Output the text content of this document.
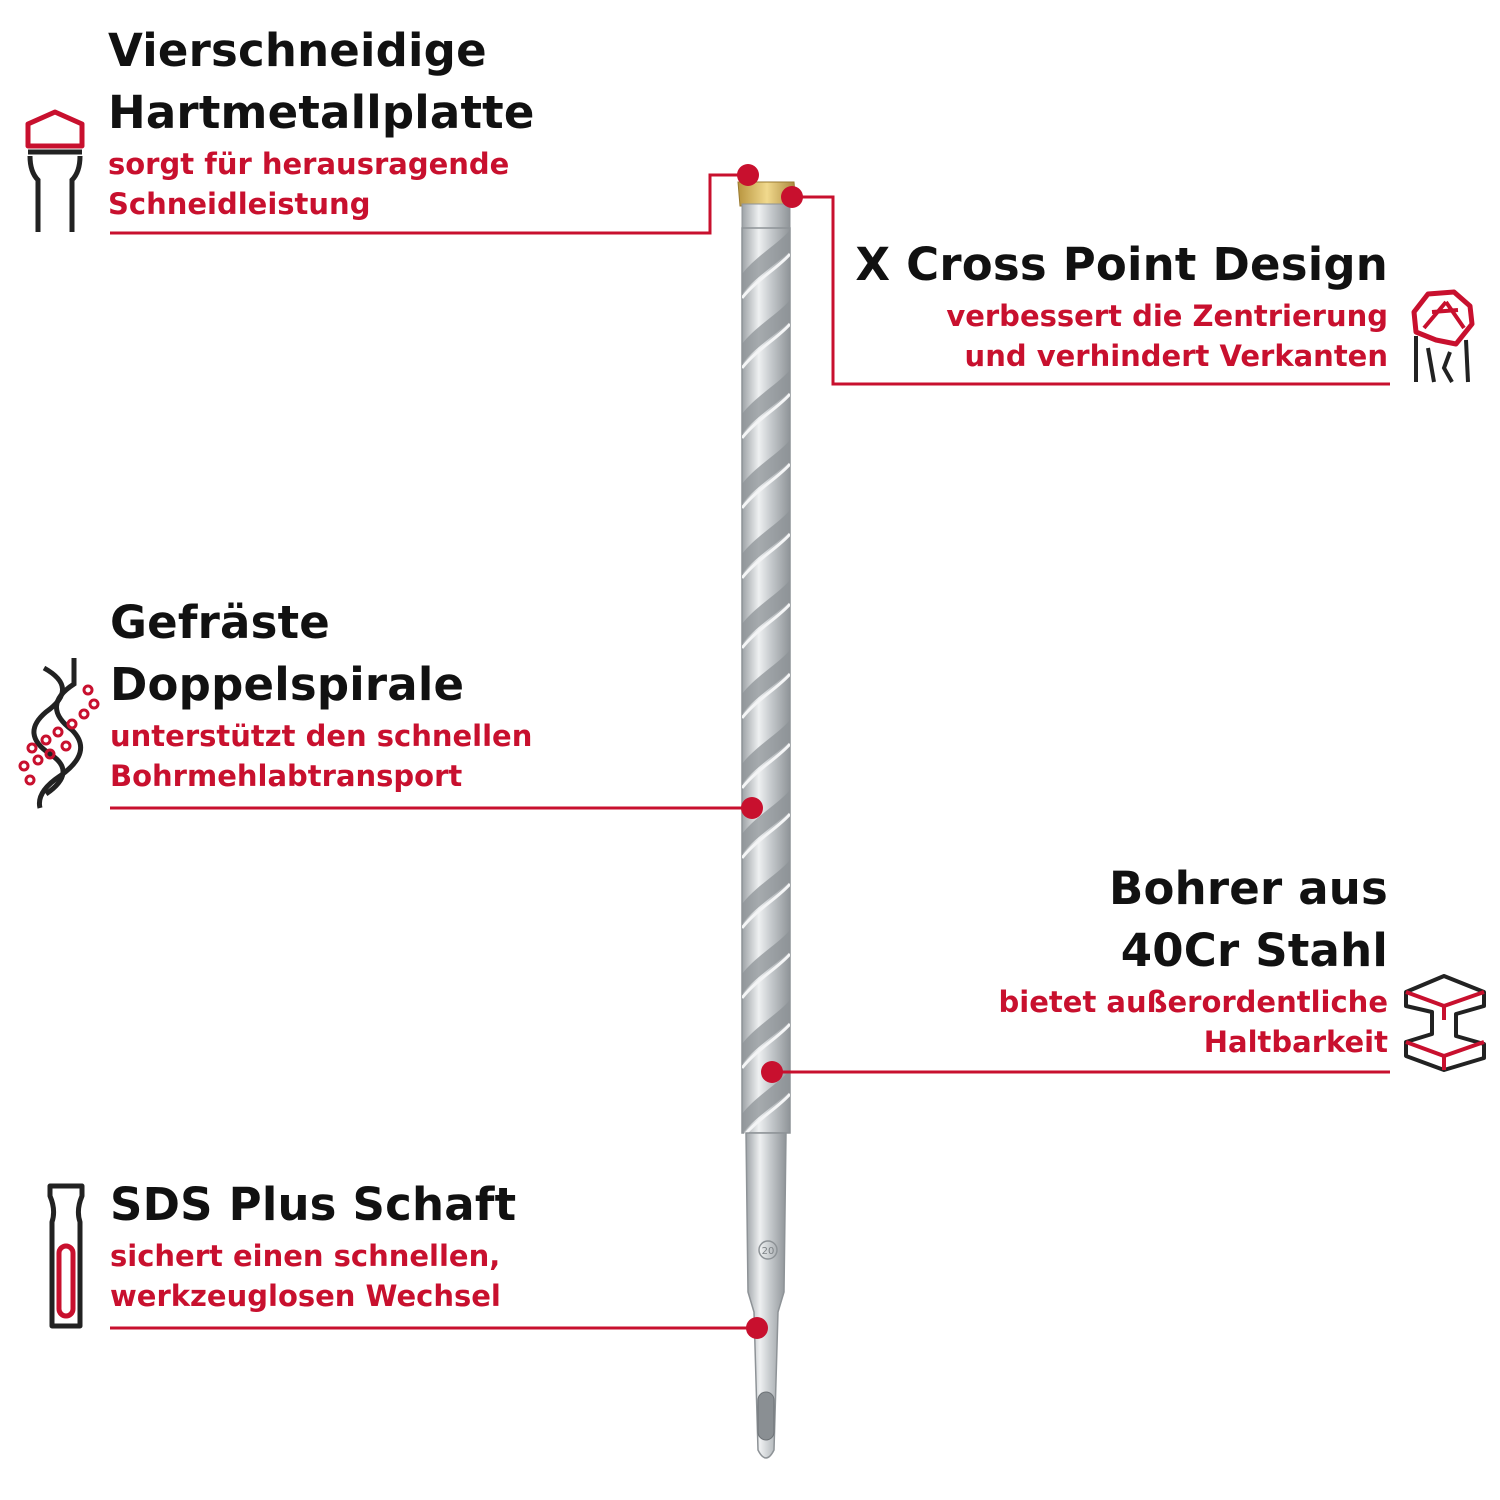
20
Vierschneidige
Hartmetallplatte
sorgt für herausragende
Schneidleistung
X Cross Point Design
verbessert die Zentrierung
und verhindert Verkanten
Gefräste
Doppelspirale
unterstützt den schnellen
Bohrmehlabtransport
Bohrer aus
40Cr Stahl
bietet außerordentliche
Haltbarkeit
SDS Plus Schaft
sichert einen schnellen,
werkzeuglosen Wechsel
